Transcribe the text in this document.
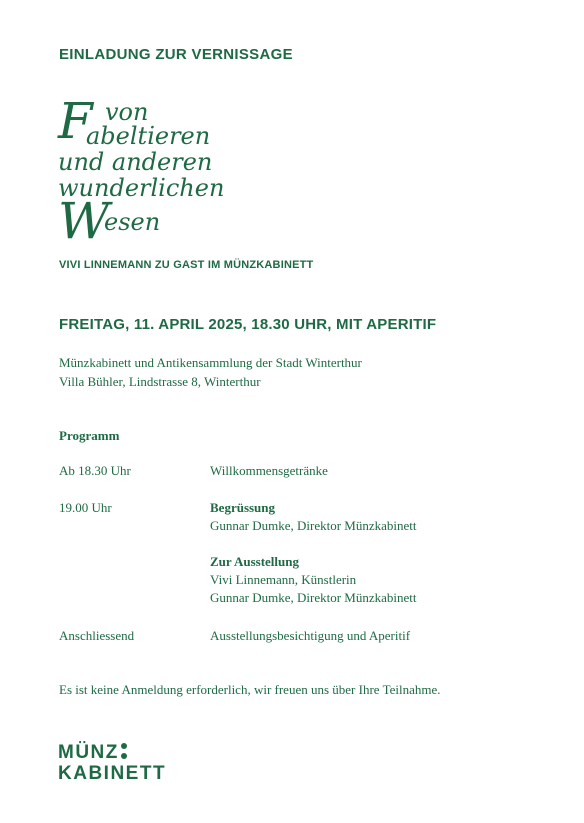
EINLADUNG ZUR VERNISSAGE
F von
abeltieren
und anderen
wunderlichen
W
esen
VIVI LINNEMANN ZU GAST IM MÜNZKABINETT
FREITAG, 11. APRIL 2025, 18.30 UHR, MIT APERITIF
Münzkabinett und Antikensammlung der Stadt Winterthur
Villa Bühler, Lindstrasse 8, Winterthur
Programm
Ab 18.30 Uhr	Willkommensgetränke
19.00 Uhr	Begrüssung
Gunnar Dumke, Direktor Münzkabinett
Zur Ausstellung
Vivi Linnemann, Künstlerin
Gunnar Dumke, Direktor Münzkabinett
Anschliessend	Ausstellungsbesichtigung und Aperitif
Es ist keine Anmeldung erforderlich, wir freuen uns über Ihre Teilnahme.
MÜNZ
KABINETT
